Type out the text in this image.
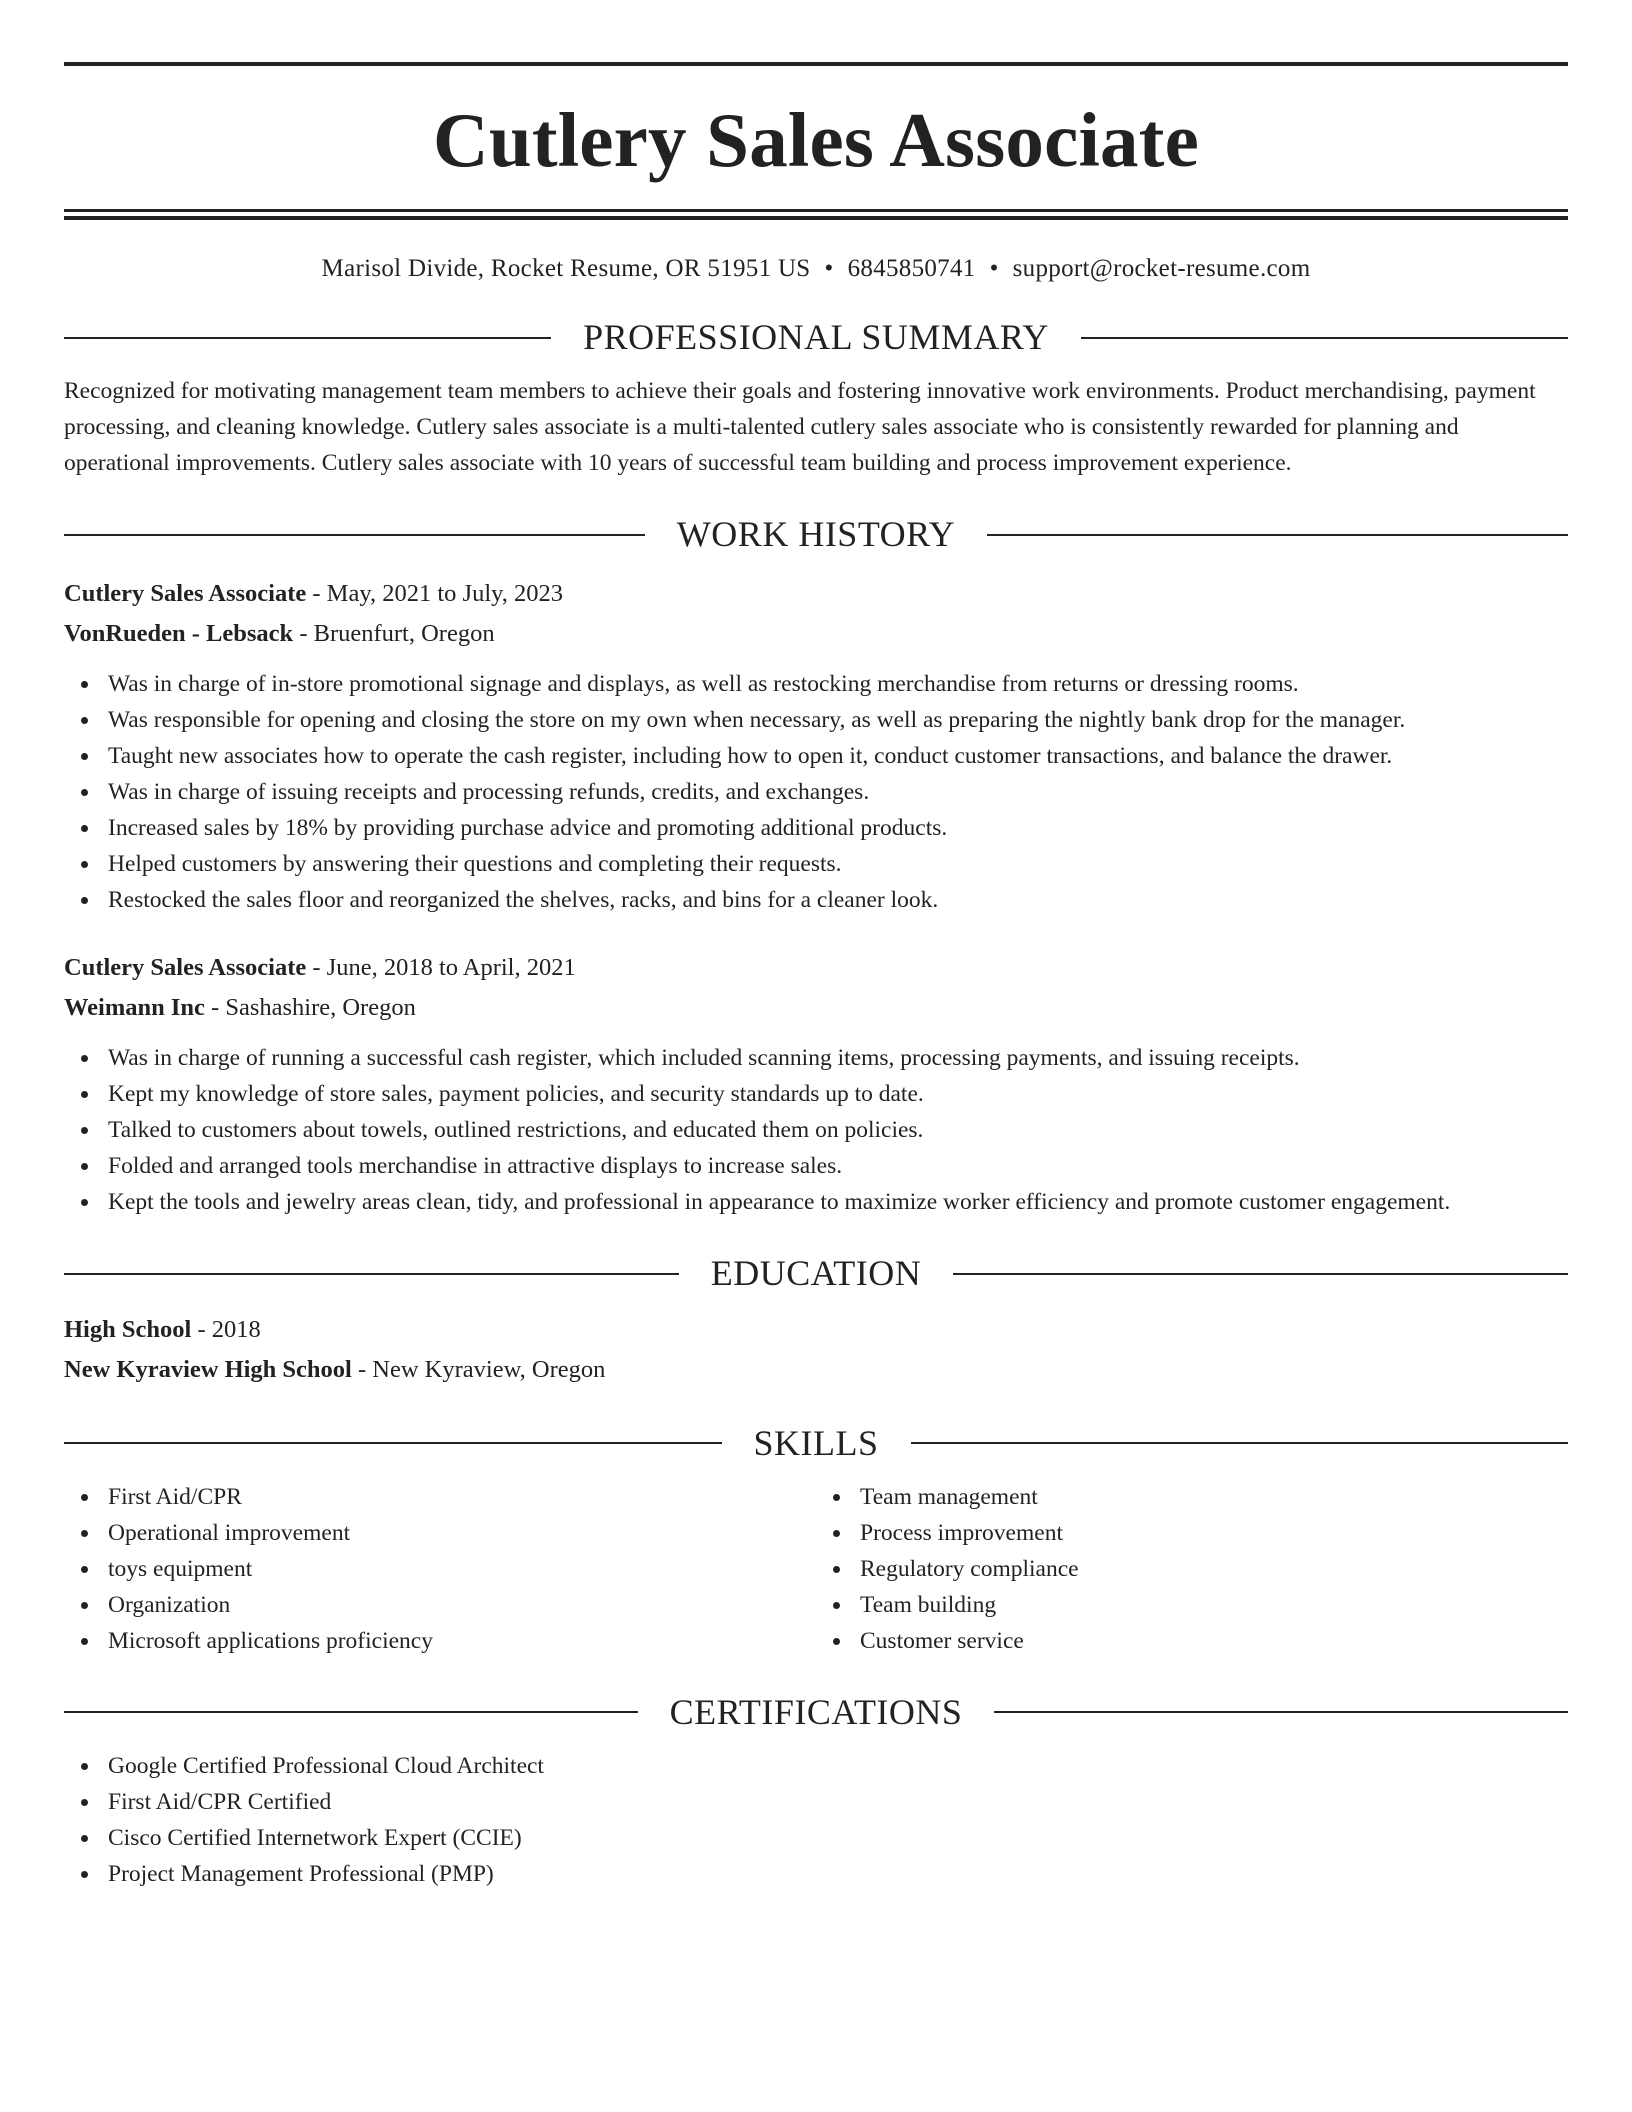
Cutlery Sales Associate
Marisol Divide, Rocket Resume, OR 51951 US • 6845850741 • support@rocket-resume.com
PROFESSIONAL SUMMARY

Recognized for motivating management team members to achieve their goals and fostering innovative work environments. Product merchandising, payment processing, and cleaning knowledge. Cutlery sales associate is a multi-talented cutlery sales associate who is consistently rewarded for planning and operational improvements. Cutlery sales associate with 10 years of successful team building and process improvement experience.

WORK HISTORY
Cutlery Sales Associate - May, 2021 to July, 2023
VonRueden - Lebsack - Bruenfurt, Oregon
Was in charge of in-store promotional signage and displays, as well as restocking merchandise from returns or dressing rooms.
Was responsible for opening and closing the store on my own when necessary, as well as preparing the nightly bank drop for the manager.
Taught new associates how to operate the cash register, including how to open it, conduct customer transactions, and balance the drawer.
Was in charge of issuing receipts and processing refunds, credits, and exchanges.
Increased sales by 18% by providing purchase advice and promoting additional products.
Helped customers by answering their questions and completing their requests.
Restocked the sales floor and reorganized the shelves, racks, and bins for a cleaner look.
Cutlery Sales Associate - June, 2018 to April, 2021
Weimann Inc - Sashashire, Oregon
Was in charge of running a successful cash register, which included scanning items, processing payments, and issuing receipts.
Kept my knowledge of store sales, payment policies, and security standards up to date.
Talked to customers about towels, outlined restrictions, and educated them on policies.
Folded and arranged tools merchandise in attractive displays to increase sales.
Kept the tools and jewelry areas clean, tidy, and professional in appearance to maximize worker efficiency and promote customer engagement.
EDUCATION
High School - 2018
New Kyraview High School - New Kyraview, Oregon
SKILLS
First Aid/CPR
Operational improvement
toys equipment
Organization
Microsoft applications proficiency
Team management
Process improvement
Regulatory compliance
Team building
Customer service
CERTIFICATIONS
Google Certified Professional Cloud Architect
First Aid/CPR Certified
Cisco Certified Internetwork Expert (CCIE)
Project Management Professional (PMP)
